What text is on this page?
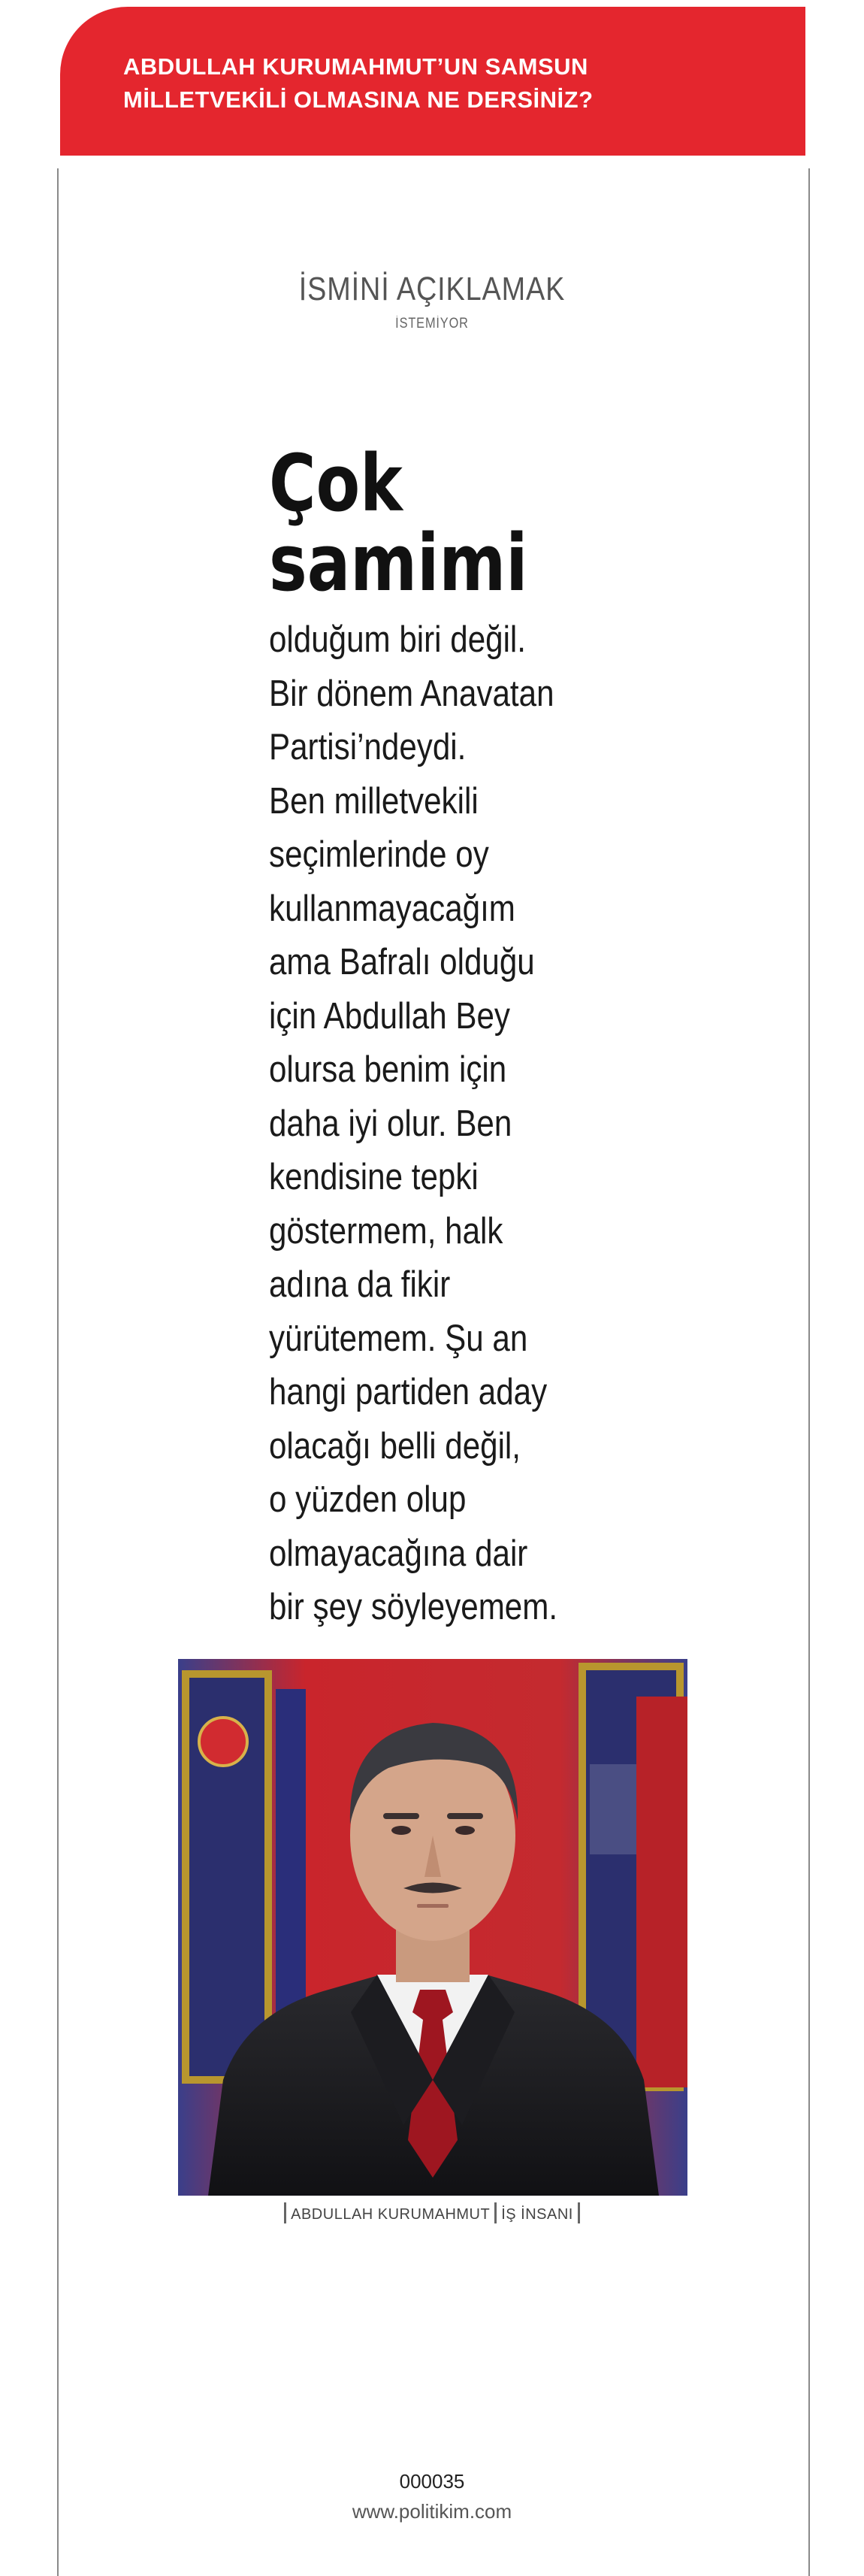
ABDULLAH KURUMAHMUT’UN SAMSUN
MİLLETVEKİLİ OLMASINA NE DERSİNİZ?
İSMİNİ AÇIKLAMAK
İSTEMİYOR
Çok
samimi
olduğum biri değil.
Bir dönem Anavatan
Partisi’ndeydi.
Ben milletvekili
seçimlerinde oy
kullanmayacağım
ama Bafralı olduğu
için Abdullah Bey
olursa benim için
daha iyi olur. Ben
kendisine tepki
göstermem, halk
adına da fikir
yürütemem. Şu an
hangi partiden aday
olacağı belli değil,
o yüzden olup
olmayacağına dair
bir şey söyleyemem.
ABDULLAH KURUMAHMUT İŞ İNSANI
000035
www.politikim.com
